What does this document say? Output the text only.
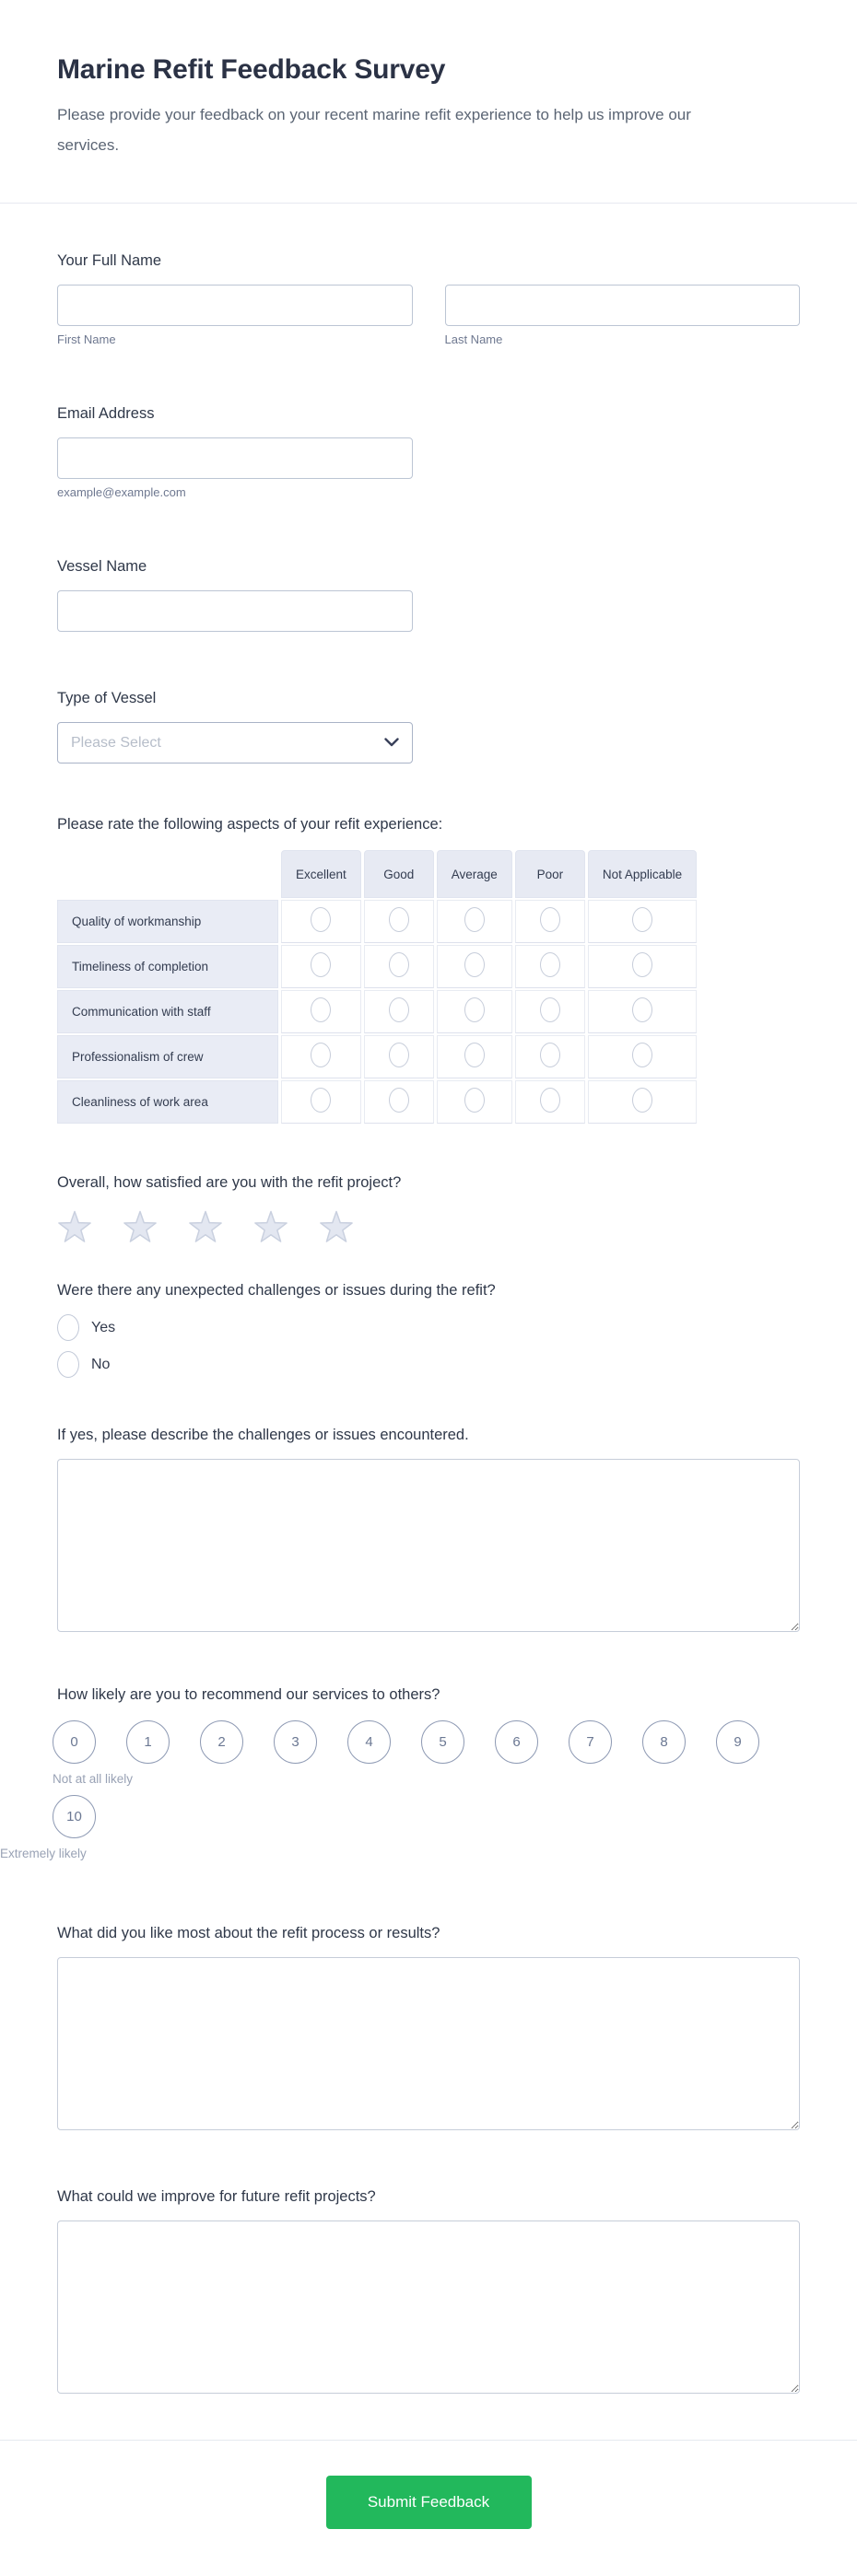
Marine Refit Feedback Survey

Please provide your feedback on your recent marine refit experience to help us improve our services.

Your Full Name
First Name	Last Name
Email Address
example@example.com
Vessel Name
Type of Vessel
Please Select
Please rate the following aspects of your refit experience:
	Excellent	Good	Average	Poor	Not Applicable
Quality of workmanship					
Timeliness of completion					
Communication with staff					
Professionalism of crew					
Cleanliness of work area					
Overall, how satisfied are you with the refit project?
Were there any unexpected challenges or issues during the refit?
Yes
No
If yes, please describe the challenges or issues encountered.
How likely are you to recommend our services to others?
0	1	2	3	4	5	6	7	8	9
Not at all likely
10
Extremely likely
What did you like most about the refit process or results?
What could we improve for future refit projects?
Submit Feedback
